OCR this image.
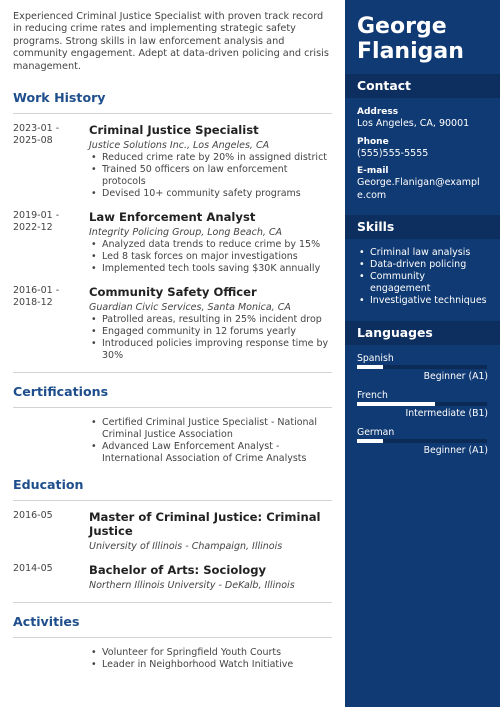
Experienced Criminal Justice Specialist with proven track record in reducing crime rates and implementing strategic safety programs. Strong skills in law enforcement analysis and community engagement. Adept at data-driven policing and crisis management.

Work History
2023-01 - 2025-08
Criminal Justice Specialist
Justice Solutions Inc., Los Angeles, CA
• Reduced crime rate by 20% in assigned district
• Trained 50 officers on law enforcement protocols
• Devised 10+ community safety programs
2019-01 - 2022-12
Law Enforcement Analyst
Integrity Policing Group, Long Beach, CA
• Analyzed data trends to reduce crime by 15%
• Led 8 task forces on major investigations
• Implemented tech tools saving $30K annually
2016-01 - 2018-12
Community Safety Officer
Guardian Civic Services, Santa Monica, CA
• Patrolled areas, resulting in 25% incident drop
• Engaged community in 12 forums yearly
• Introduced policies improving response time by 30%
Certifications
• Certified Criminal Justice Specialist - National Criminal Justice Association
• Advanced Law Enforcement Analyst - International Association of Crime Analysts
Education
2016-05	Master of Criminal Justice: Criminal Justice
University of Illinois - Champaign, Illinois
2014-05	Bachelor of Arts: Sociology
Northern Illinois University - DeKalb, Illinois
Activities
• Volunteer for Springfield Youth Courts
• Leader in Neighborhood Watch Initiative
George
Flanigan
Contact
Address
Los Angeles, CA, 90001
Phone
(555)555-5555
E-mail
George.Flanigan@example.com
Skills
• Criminal law analysis
• Data-driven policing
• Community engagement
• Investigative techniques
Languages
Spanish
Beginner (A1)
French
Intermediate (B1)
German
Beginner (A1)
